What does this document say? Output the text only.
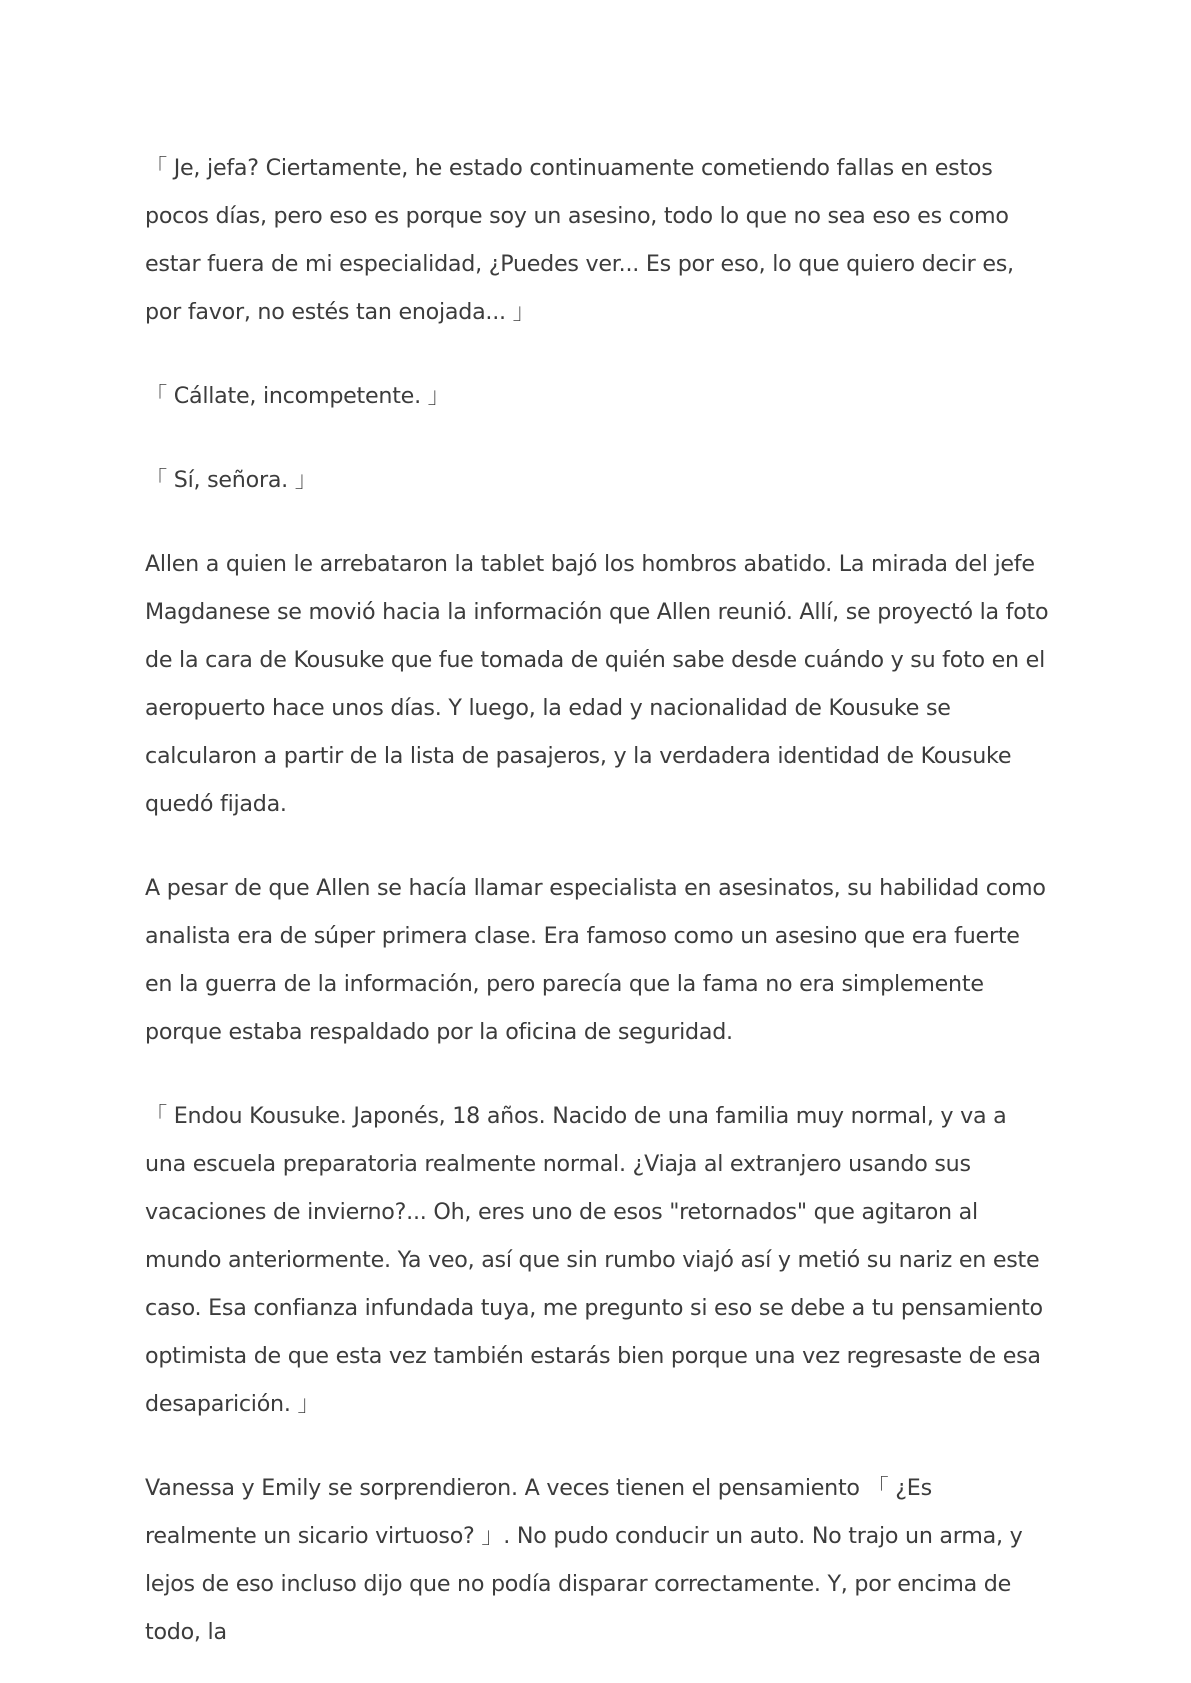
「 Je, jefa? Ciertamente, he estado continuamente cometiendo fallas en estos pocos días, pero eso es porque soy un asesino, todo lo que no sea eso es como estar fuera de mi especialidad, ¿Puedes ver... Es por eso, lo que quiero decir es, por favor, no estés tan enojada... 」

「 Cállate, incompetente. 」

「 Sí, señora. 」

Allen a quien le arrebataron la tablet bajó los hombros abatido. La mirada del jefe Magdanese se movió hacia la información que Allen reunió. Allí, se proyectó la foto de la cara de Kousuke que fue tomada de quién sabe desde cuándo y su foto en el aeropuerto hace unos días. Y luego, la edad y nacionalidad de Kousuke se calcularon a partir de la lista de pasajeros, y la verdadera identidad de Kousuke quedó fijada.

A pesar de que Allen se hacía llamar especialista en asesinatos, su habilidad como analista era de súper primera clase. Era famoso como un asesino que era fuerte en la guerra de la información, pero parecía que la fama no era simplemente porque estaba respaldado por la oficina de seguridad.

「 Endou Kousuke. Japonés, 18 años. Nacido de una familia muy normal, y va a una escuela preparatoria realmente normal. ¿Viaja al extranjero usando sus vacaciones de invierno?... Oh, eres uno de esos "retornados" que agitaron al mundo anteriormente. Ya veo, así que sin rumbo viajó así y metió su nariz en este caso. Esa confianza infundada tuya, me pregunto si eso se debe a tu pensamiento optimista de que esta vez también estarás bien porque una vez regresaste de esa desaparición. 」

Vanessa y Emily se sorprendieron. A veces tienen el pensamiento 「 ¿Es realmente un sicario virtuoso? 」. No pudo conducir un auto. No trajo un arma, y lejos de eso incluso dijo que no podía disparar correctamente. Y, por encima de todo, la
